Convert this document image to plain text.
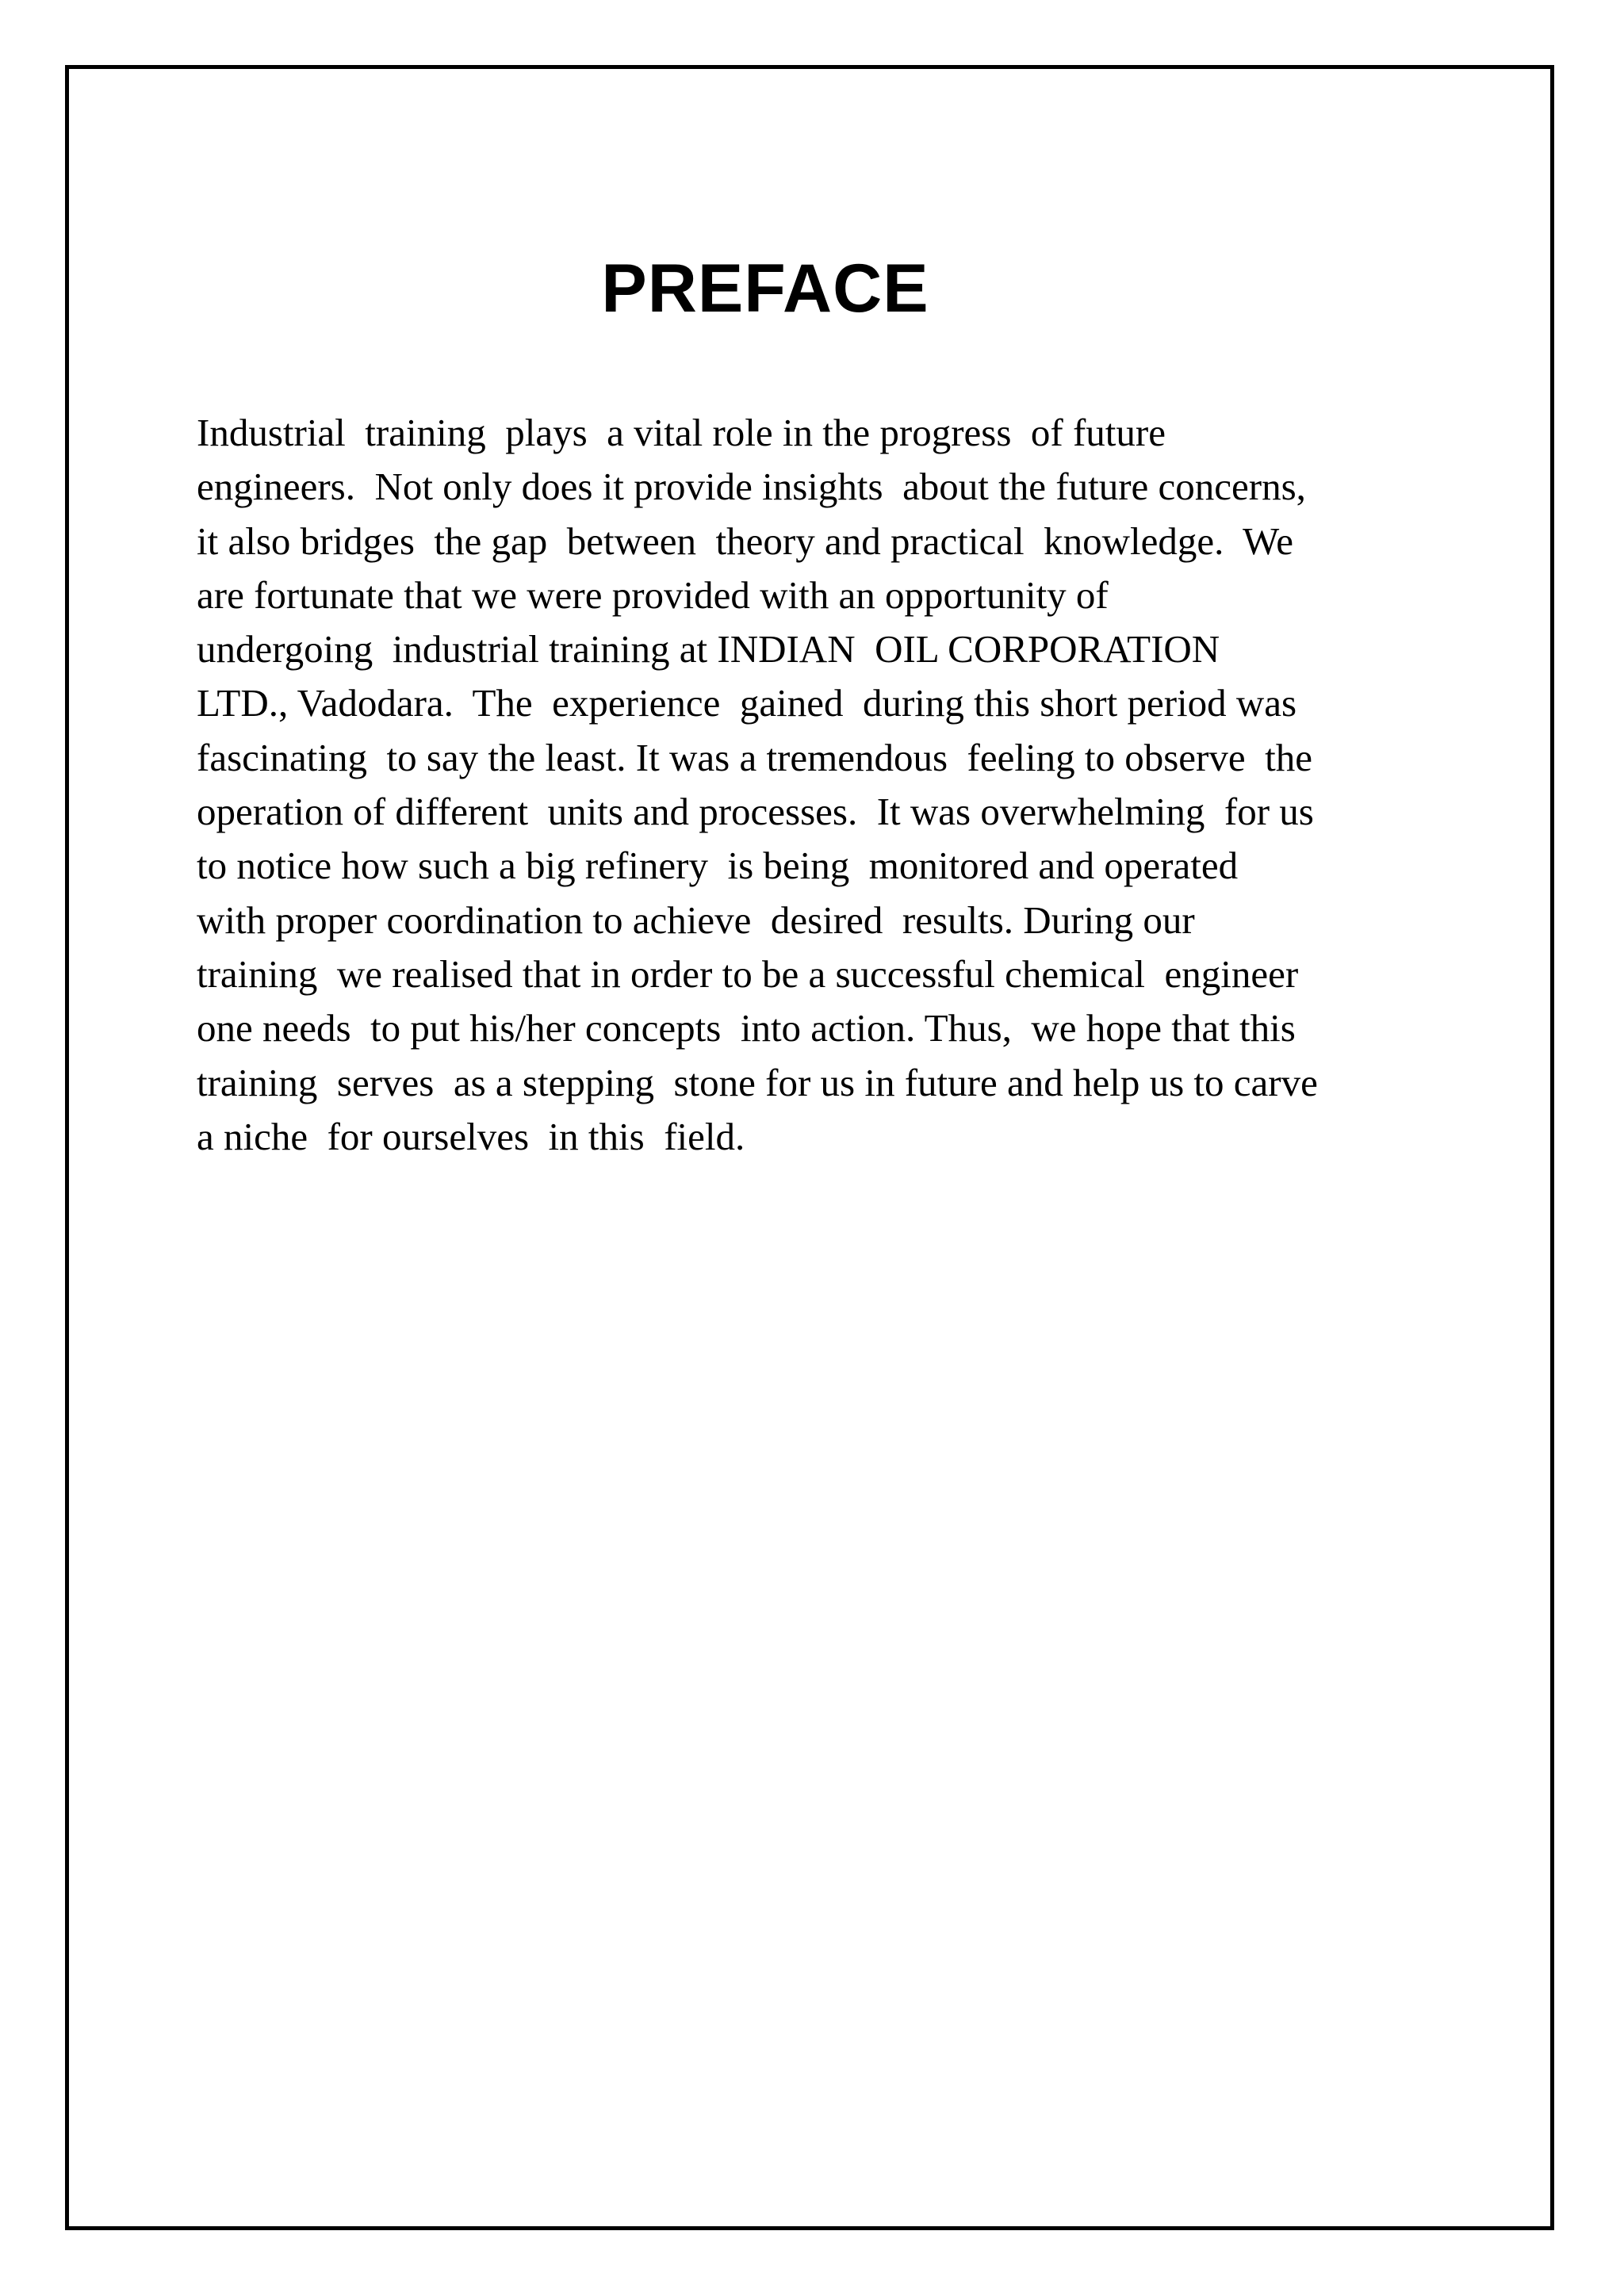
PREFACE
Industrial  training  plays  a vital role in the progress  of future
engineers.  Not only does it provide insights  about the future concerns,
it also bridges  the gap  between  theory and practical  knowledge.  We
are fortunate that we were provided with an opportunity of
undergoing  industrial training at INDIAN  OIL CORPORATION
LTD., Vadodara.  The  experience  gained  during this short period was
fascinating  to say the least. It was a tremendous  feeling to observe  the
operation of different  units and processes.  It was overwhelming  for us
to notice how such a big refinery  is being  monitored and operated
with proper coordination to achieve  desired  results. During our
training  we realised that in order to be a successful chemical  engineer
one needs  to put his/her concepts  into action. Thus,  we hope that this
training  serves  as a stepping  stone for us in future and help us to carve
a niche  for ourselves  in this  field.
